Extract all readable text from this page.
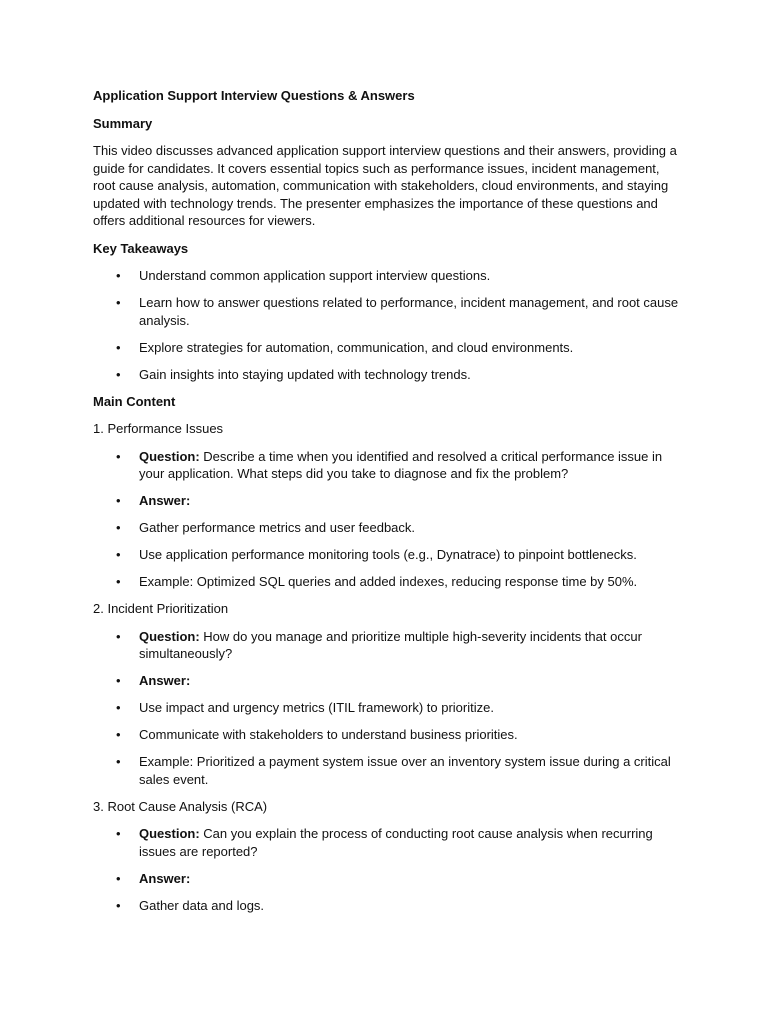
Application Support Interview Questions & Answers
Summary
This video discusses advanced application support interview questions and their answers, providing a guide for candidates. It covers essential topics such as performance issues, incident management, root cause analysis, automation, communication with stakeholders, cloud environments, and staying updated with technology trends. The presenter emphasizes the importance of these questions and offers additional resources for viewers.
Key Takeaways
• Understand common application support interview questions.
• Learn how to answer questions related to performance, incident management, and root cause analysis.
• Explore strategies for automation, communication, and cloud environments.
• Gain insights into staying updated with technology trends.
Main Content
1. Performance Issues
• Question: Describe a time when you identified and resolved a critical performance issue in your application. What steps did you take to diagnose and fix the problem?
• Answer:
• Gather performance metrics and user feedback.
• Use application performance monitoring tools (e.g., Dynatrace) to pinpoint bottlenecks.
• Example: Optimized SQL queries and added indexes, reducing response time by 50%.
2. Incident Prioritization
• Question: How do you manage and prioritize multiple high-severity incidents that occur simultaneously?
• Answer:
• Use impact and urgency metrics (ITIL framework) to prioritize.
• Communicate with stakeholders to understand business priorities.
• Example: Prioritized a payment system issue over an inventory system issue during a critical sales event.
3. Root Cause Analysis (RCA)
• Question: Can you explain the process of conducting root cause analysis when recurring issues are reported?
• Answer:
• Gather data and logs.
